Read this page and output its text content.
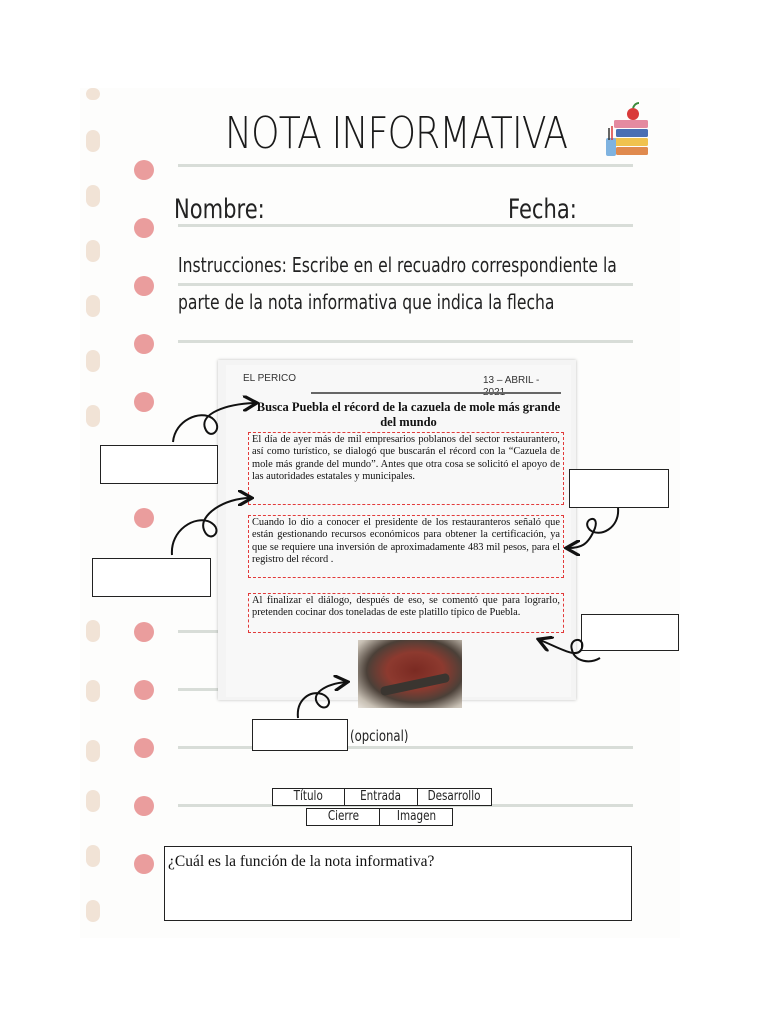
NOTA INFORMATIVA
Nombre:	Fecha:
Instrucciones: Escribe en el recuadro correspondiente la
parte de la nota informativa que indica la flecha
EL PERICO	13 – ABRIL -
Busca Puebla el récord de la cazuela de mole más grande del mundo
El día de ayer más de mil empresarios poblanos del sector restaurantero, así como turístico, se dialogó que buscarán el récord con la “Cazuela de mole más grande del mundo”. Antes que otra cosa se solicitó el apoyo de las autoridades estatales y municipales.
Cuando lo dio a conocer el presidente de los restauranteros señaló que están gestionando recursos económicos para obtener la certificación, ya que se requiere una inversión de aproximadamente 483 mil pesos, para el registro del récord .
Al finalizar el diálogo, después de eso, se comentó que para lograrlo, pretenden cocinar dos toneladas de este platillo típico de Puebla.
(opcional)
Título	Entrada	Desarrollo
Cierre	Imagen
¿Cuál es la función de la nota informativa?
